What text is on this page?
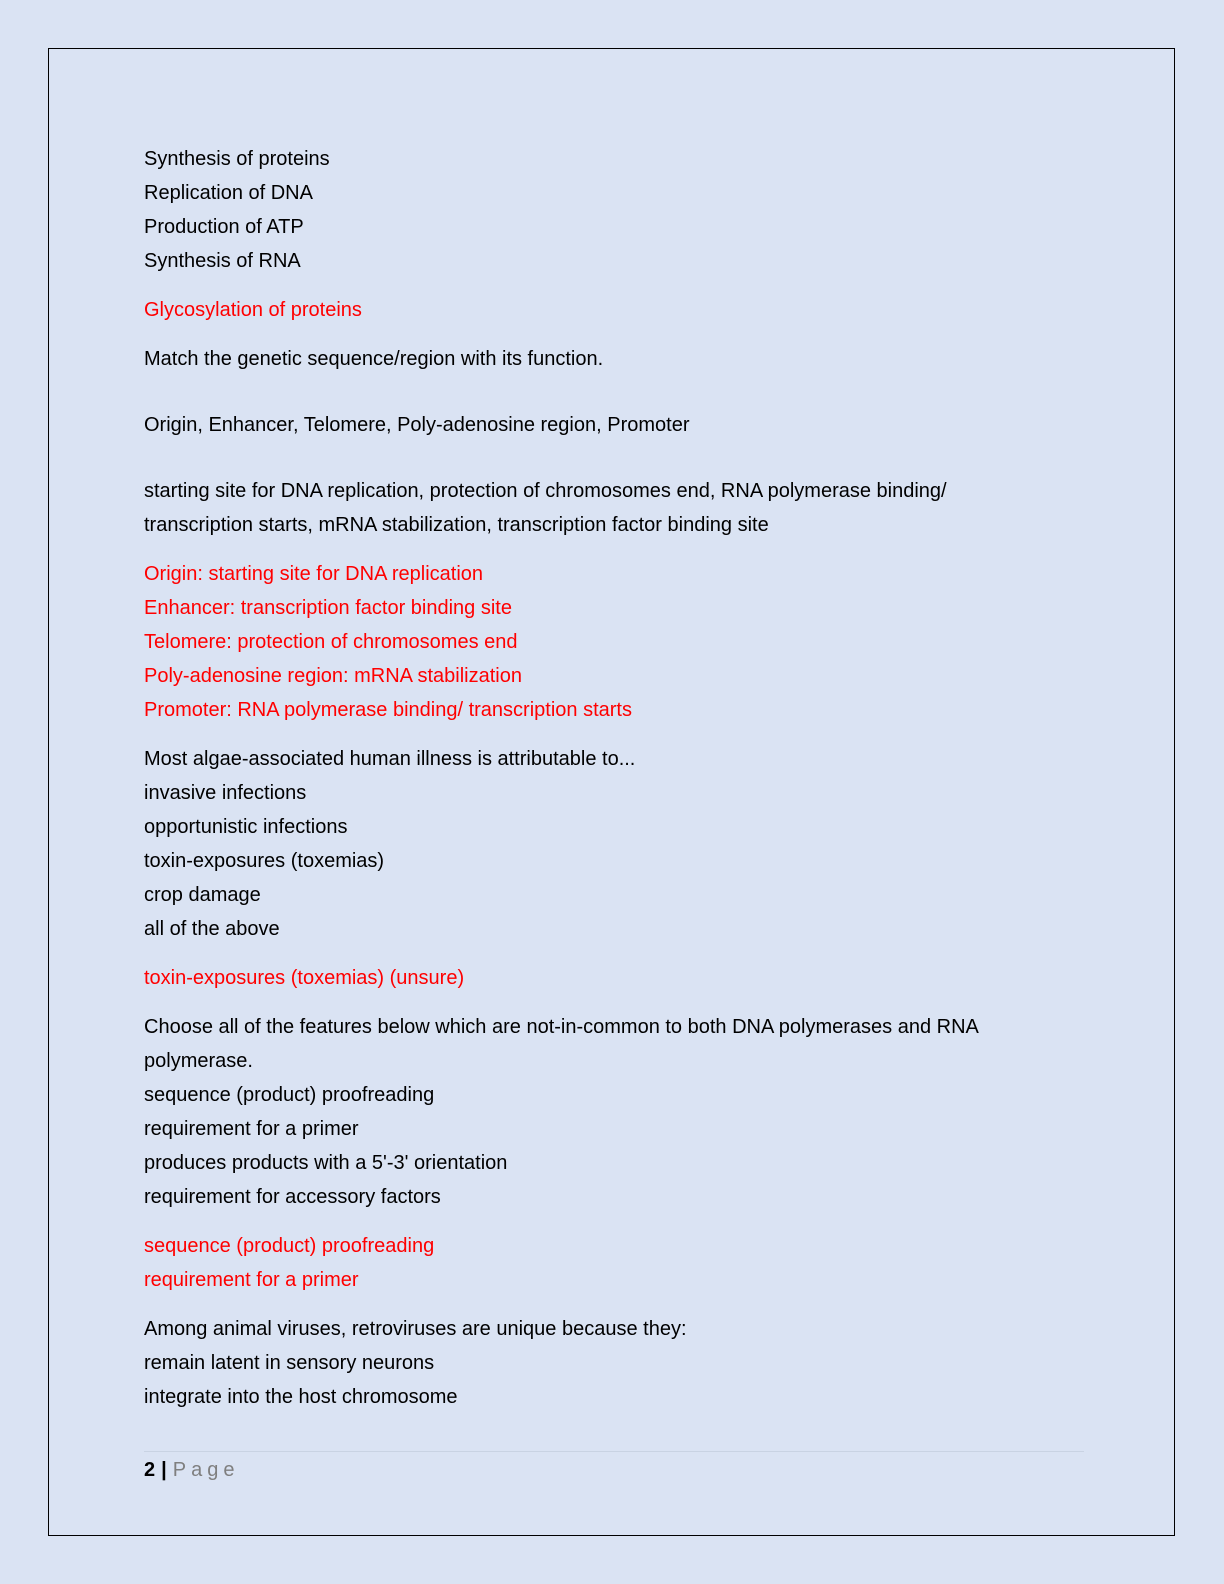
Synthesis of proteins
Replication of DNA
Production of ATP
Synthesis of RNA
Glycosylation of proteins
Match the genetic sequence/region with its function.
Origin, Enhancer, Telomere, Poly-adenosine region, Promoter
starting site for DNA replication, protection of chromosomes end, RNA polymerase binding/
transcription starts, mRNA stabilization, transcription factor binding site
Origin: starting site for DNA replication
Enhancer: transcription factor binding site
Telomere: protection of chromosomes end
Poly-adenosine region: mRNA stabilization
Promoter: RNA polymerase binding/ transcription starts
Most algae-associated human illness is attributable to...
invasive infections
opportunistic infections
toxin-exposures (toxemias)
crop damage
all of the above
toxin-exposures (toxemias) (unsure)
Choose all of the features below which are not-in-common to both DNA polymerases and RNA
polymerase.
sequence (product) proofreading
requirement for a primer
produces products with a 5'-3' orientation
requirement for accessory factors
sequence (product) proofreading
requirement for a primer
Among animal viruses, retroviruses are unique because they:
remain latent in sensory neurons
integrate into the host chromosome
2 | Page
